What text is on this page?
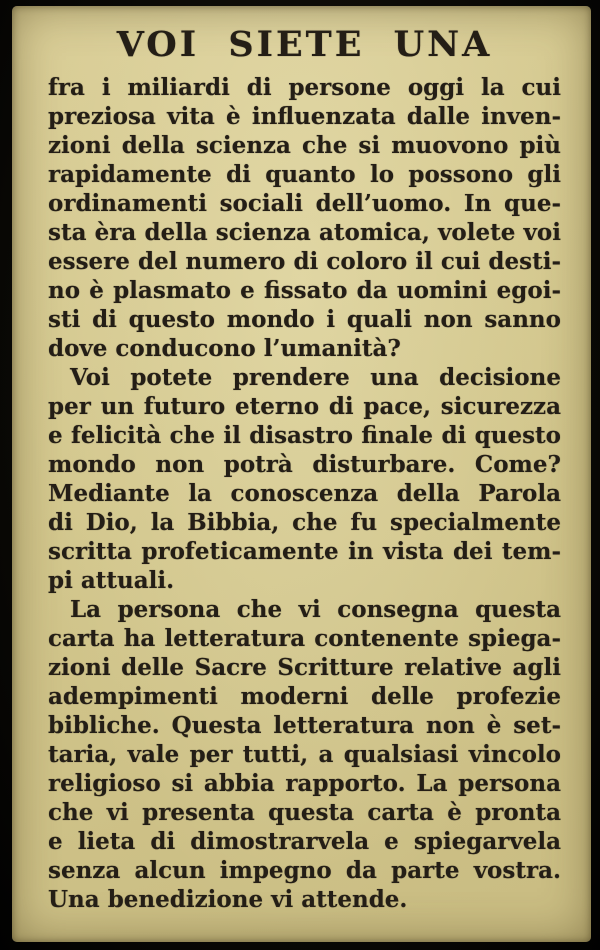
VOI SIETE UNA
fra i miliardi di persone oggi la cui
preziosa vita è influenzata dalle inven-
zioni della scienza che si muovono più
rapidamente di quanto lo possono gli
ordinamenti sociali dell’uomo. In que-
sta èra della scienza atomica, volete voi
essere del numero di coloro il cui desti-
no è plasmato e fissato da uomini egoi-
sti di questo mondo i quali non sanno
dove conducono l’umanità?
Voi potete prendere una decisione
per un futuro eterno di pace, sicurezza
e felicità che il disastro finale di questo
mondo non potrà disturbare. Come?
Mediante la conoscenza della Parola
di Dio, la Bibbia, che fu specialmente
scritta profeticamente in vista dei tem-
pi attuali.
La persona che vi consegna questa
carta ha letteratura contenente spiega-
zioni delle Sacre Scritture relative agli
adempimenti moderni delle profezie
bibliche. Questa letteratura non è set-
taria, vale per tutti, a qualsiasi vincolo
religioso si abbia rapporto. La persona
che vi presenta questa carta è pronta
e lieta di dimostrarvela e spiegarvela
senza alcun impegno da parte vostra.
Una benedizione vi attende.
